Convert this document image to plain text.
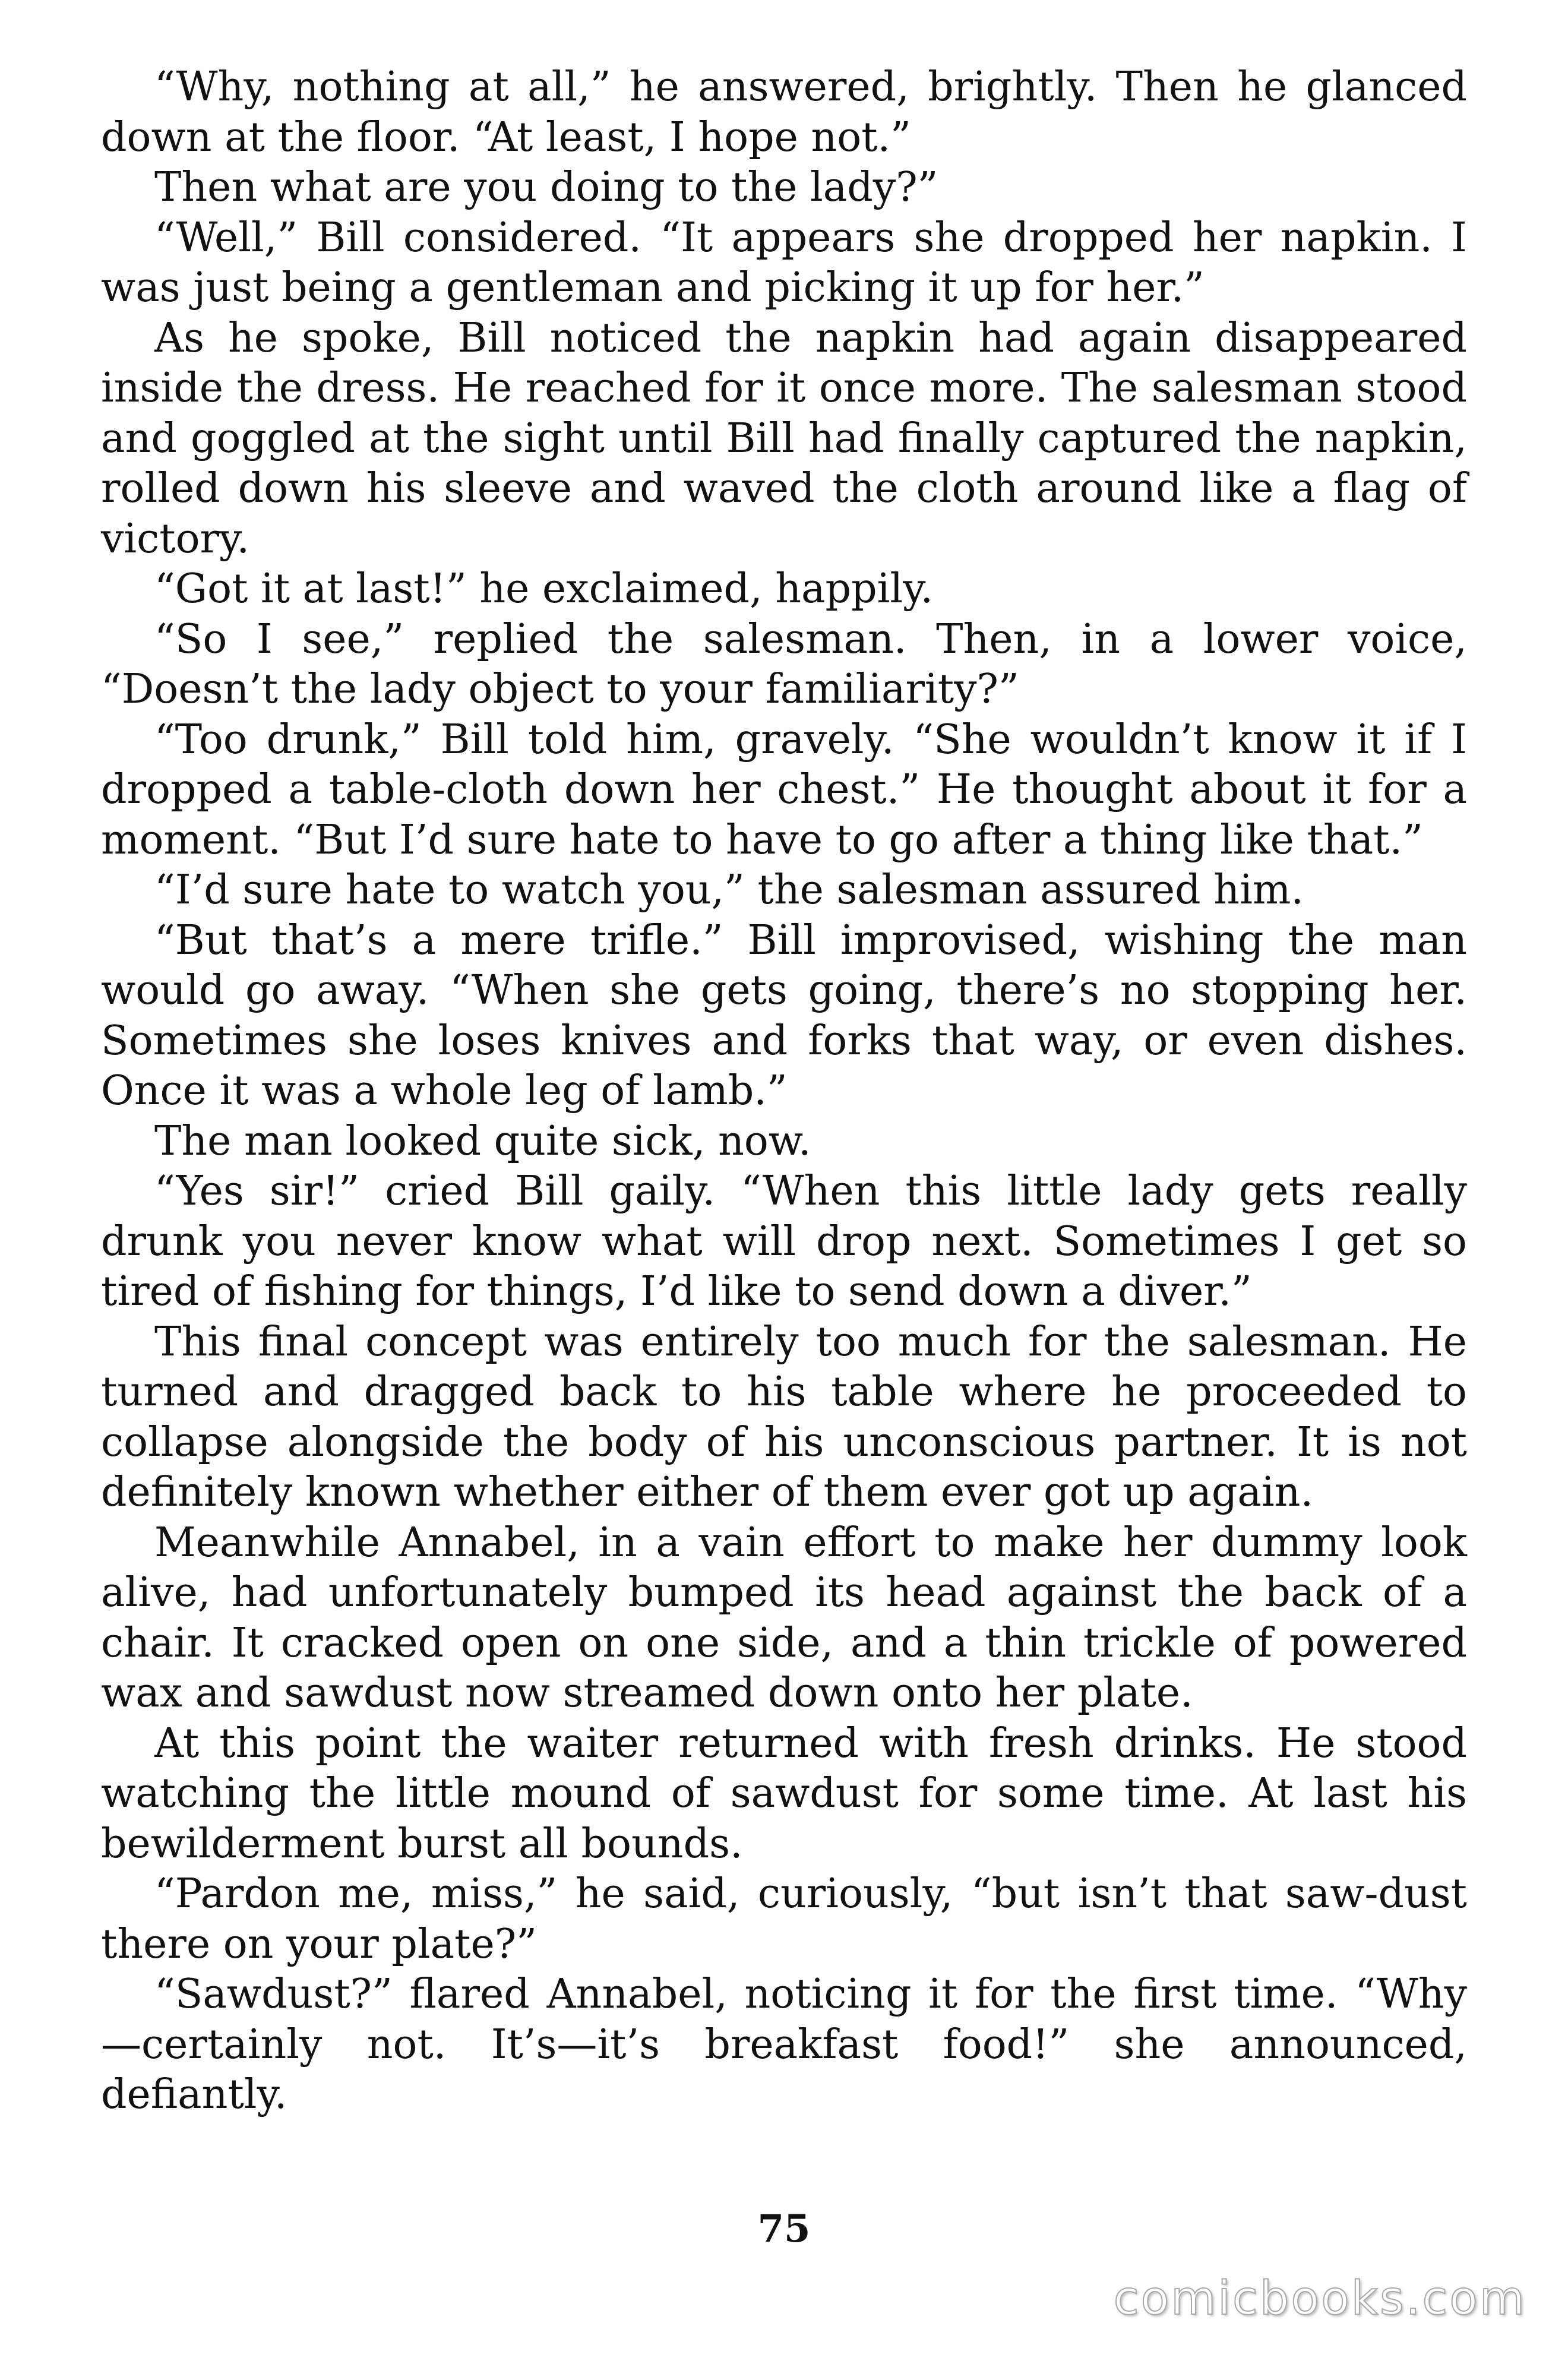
“Why, nothing at all,” he answered, brightly. Then he glanced down at the floor. “At least, I hope not.”

Then what are you doing to the lady?”

“Well,” Bill considered. “It appears she dropped her napkin. I was just being a gentleman and picking it up for her.”

As he spoke, Bill noticed the napkin had again disappeared inside the dress. He reached for it once more. The salesman stood and goggled at the sight until Bill had finally captured the napkin, rolled down his sleeve and waved the cloth around like a flag of victory.

“Got it at last!” he exclaimed, happily.

“So I see,” replied the salesman. Then, in a lower voice, “Doesn’t the lady object to your familiarity?”

“Too drunk,” Bill told him, gravely. “She wouldn’t know it if I dropped a table-cloth down her chest.” He thought about it for a moment. “But I’d sure hate to have to go after a thing like that.”

“I’d sure hate to watch you,” the salesman assured him.

“But that’s a mere trifle.” Bill improvised, wishing the man would go away. “When she gets going, there’s no stopping her. Sometimes she loses knives and forks that way, or even dishes. Once it was a whole leg of lamb.”

The man looked quite sick, now.

“Yes sir!” cried Bill gaily. “When this little lady gets really drunk you never know what will drop next. Sometimes I get so tired of fishing for things, I’d like to send down a diver.”

This final concept was entirely too much for the salesman. He turned and dragged back to his table where he proceeded to collapse alongside the body of his unconscious partner. It is not definitely known whether either of them ever got up again.

Meanwhile Annabel, in a vain effort to make her dummy look alive, had unfortunately bumped its head against the back of a chair. It cracked open on one side, and a thin trickle of powered wax and sawdust now streamed down onto her plate.

At this point the waiter returned with fresh drinks. He stood watching the little mound of sawdust for some time. At last his bewilderment burst all bounds.

“Pardon me, miss,” he said, curiously, “but isn’t that saw-dust there on your plate?”

“Sawdust?” flared Annabel, noticing it for the first time. “Why—certainly not. It’s—it’s breakfast food!” she announced, defiantly.

75
comicbooks.com
